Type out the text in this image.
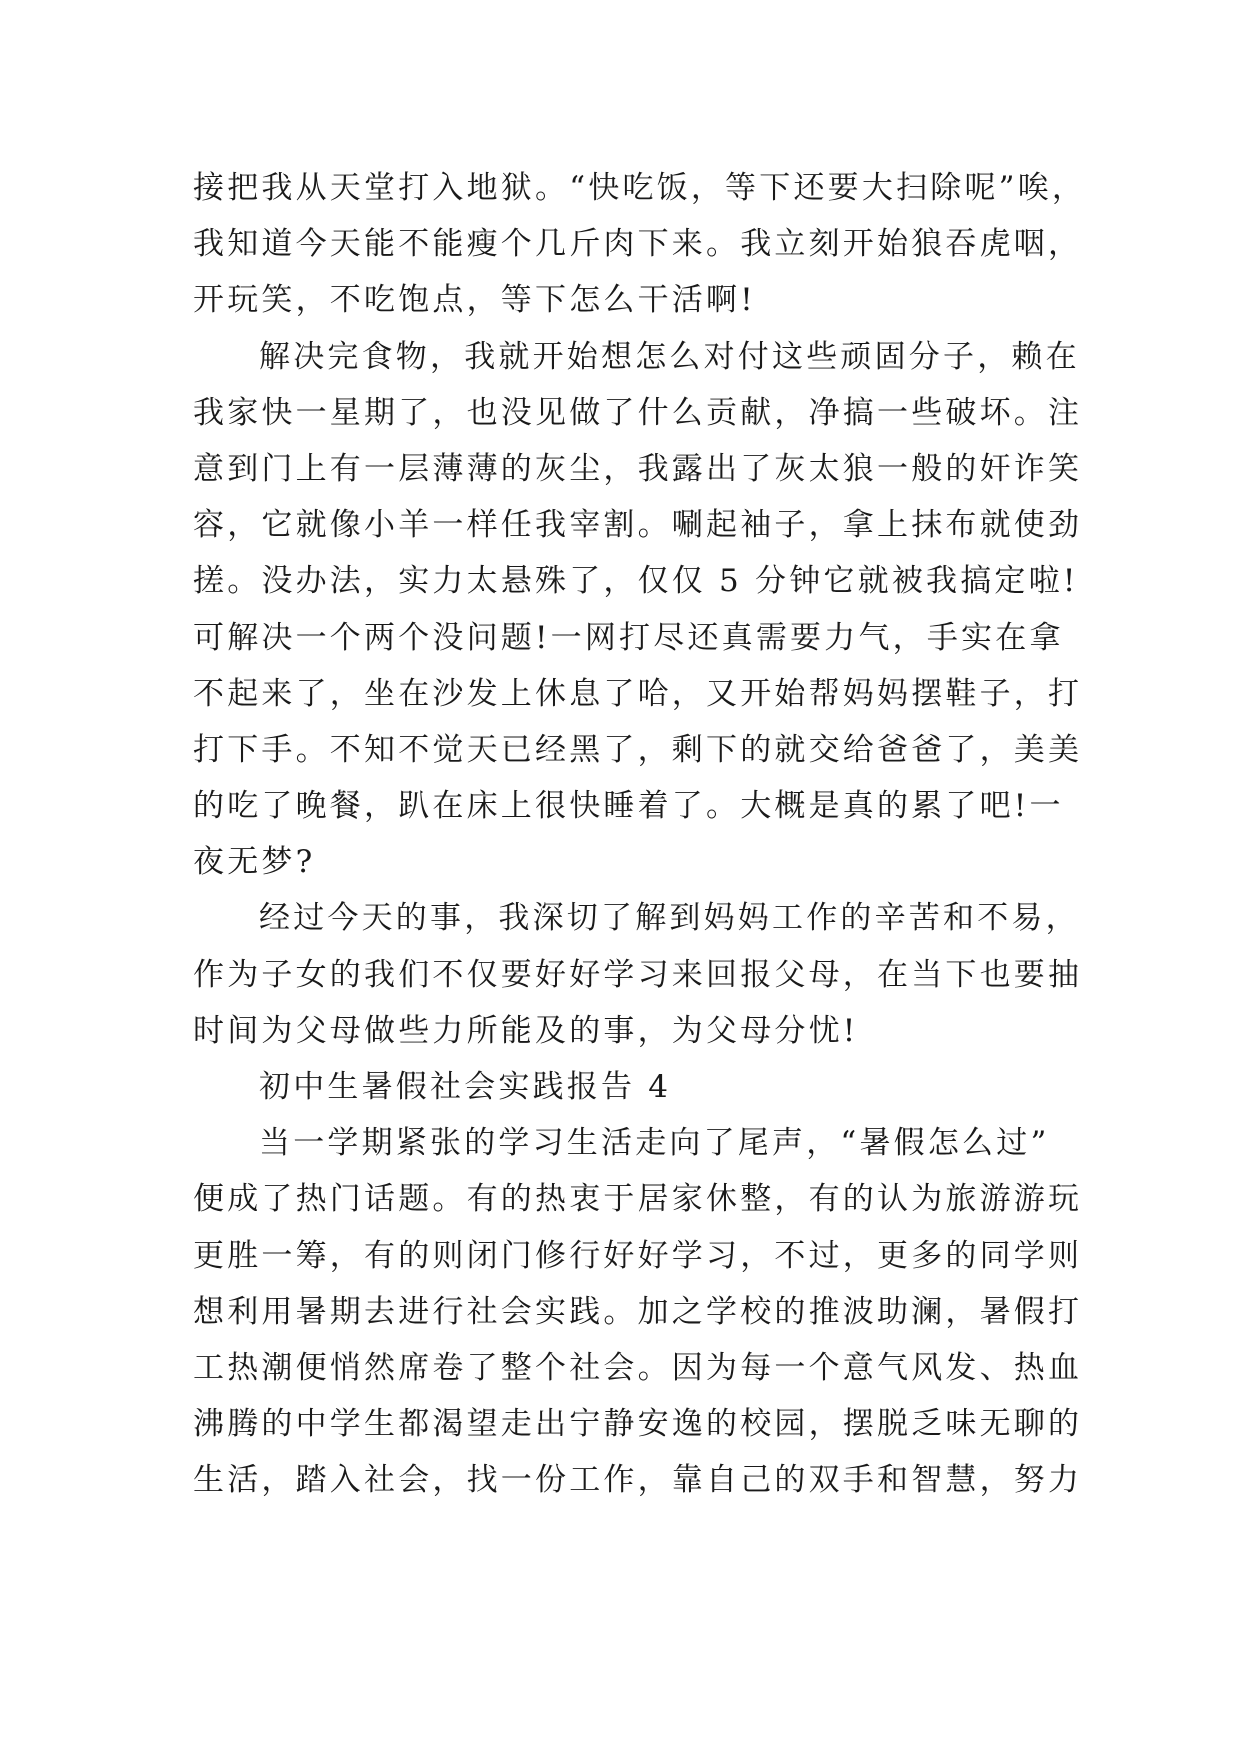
接把我从天堂打入地狱。“快吃饭，等下还要大扫除呢”唉，
我知道今天能不能瘦个几斤肉下来。我立刻开始狼吞虎咽，
开玩笑，不吃饱点，等下怎么干活啊!
解决完食物，我就开始想怎么对付这些顽固分子，赖在
我家快一星期了，也没见做了什么贡献，净搞一些破坏。注
意到门上有一层薄薄的灰尘，我露出了灰太狼一般的奸诈笑
容，它就像小羊一样任我宰割。唰起袖子，拿上抹布就使劲
搓。没办法，实力太悬殊了，仅仅 5 分钟它就被我搞定啦!
可解决一个两个没问题!一网打尽还真需要力气，手实在拿
不起来了，坐在沙发上休息了哈，又开始帮妈妈摆鞋子，打
打下手。不知不觉天已经黑了，剩下的就交给爸爸了，美美
的吃了晚餐，趴在床上很快睡着了。大概是真的累了吧!一
夜无梦?
经过今天的事，我深切了解到妈妈工作的辛苦和不易，
作为子女的我们不仅要好好学习来回报父母，在当下也要抽
时间为父母做些力所能及的事，为父母分忧!
初中生暑假社会实践报告 4
当一学期紧张的学习生活走向了尾声，“暑假怎么过”
便成了热门话题。有的热衷于居家休整，有的认为旅游游玩
更胜一筹，有的则闭门修行好好学习，不过，更多的同学则
想利用暑期去进行社会实践。加之学校的推波助澜，暑假打
工热潮便悄然席卷了整个社会。因为每一个意气风发、热血
沸腾的中学生都渴望走出宁静安逸的校园，摆脱乏味无聊的
生活，踏入社会，找一份工作，靠自己的双手和智慧，努力
